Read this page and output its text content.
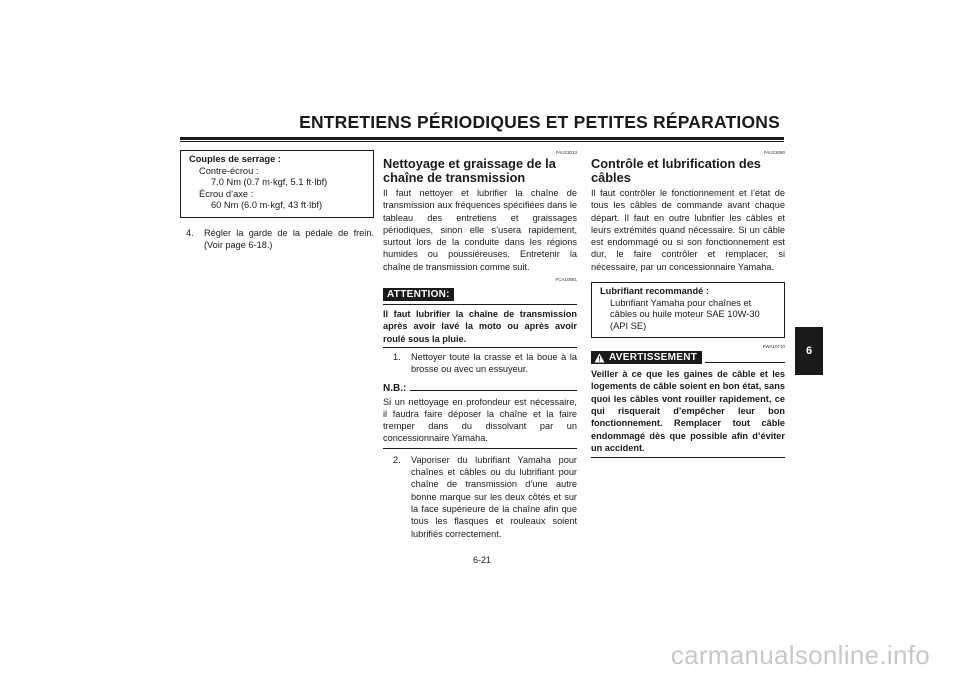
ENTRETIENS PÉRIODIQUES ET PETITES RÉPARATIONS
6
Couples de serrage :
Contre-écrou :
7.0 Nm (0.7 m·kgf, 5.1 ft·lbf)
Écrou d’axe :
60 Nm (6.0 m·kgf, 43 ft·lbf)
4.	Régler la garde de la pédale de frein. (Voir page 6-18.)
FAU23013
Nettoyage et graissage de la chaîne de transmission
Il faut nettoyer et lubrifier la chaîne de transmission aux fréquences spécifiées dans le tableau des entretiens et graissages périodiques, sinon elle s’usera rapidement, surtout lors de la conduite dans les régions humides ou poussiéreuses. Entretenir la chaîne de transmission comme suit.
FCA10581
ATTENTION:
Il faut lubrifier la chaîne de transmission après avoir lavé la moto ou après avoir roulé sous la pluie.
1.	Nettoyer toute la crasse et la boue à la brosse ou avec un essuyeur.
N.B.:
Si un nettoyage en profondeur est nécessaire, il faudra faire déposer la chaîne et la faire tremper dans du dissolvant par un concessionnaire Yamaha.
2.	Vaporiser du lubrifiant Yamaha pour chaînes et câbles ou du lubrifiant pour chaîne de transmission d’une autre bonne marque sur les deux côtés et sur la face supérieure de la chaîne afin que tous les flasques et rouleaux soient lubrifiés correctement.
FAU23090
Contrôle et lubrification des câbles
Il faut contrôler le fonctionnement et l’état de tous les câbles de commande avant chaque départ. Il faut en outre lubrifier les câbles et leurs extrémités quand nécessaire. Si un câble est endommagé ou si son fonctionnement est dur, le faire contrôler et remplacer, si nécessaire, par un concessionnaire Yamaha.
Lubrifiant recommandé :
Lubrifiant Yamaha pour chaînes et câbles ou huile moteur SAE 10W-30 (API SE)
FWA10710
AVERTISSEMENT
Veiller à ce que les gaines de câble et les logements de câble soient en bon état, sans quoi les câbles vont rouiller rapidement, ce qui risquerait d’empêcher leur bon fonctionnement. Remplacer tout câble endommagé dès que possible afin d’éviter un accident.
6-21
carmanualsonline.info
